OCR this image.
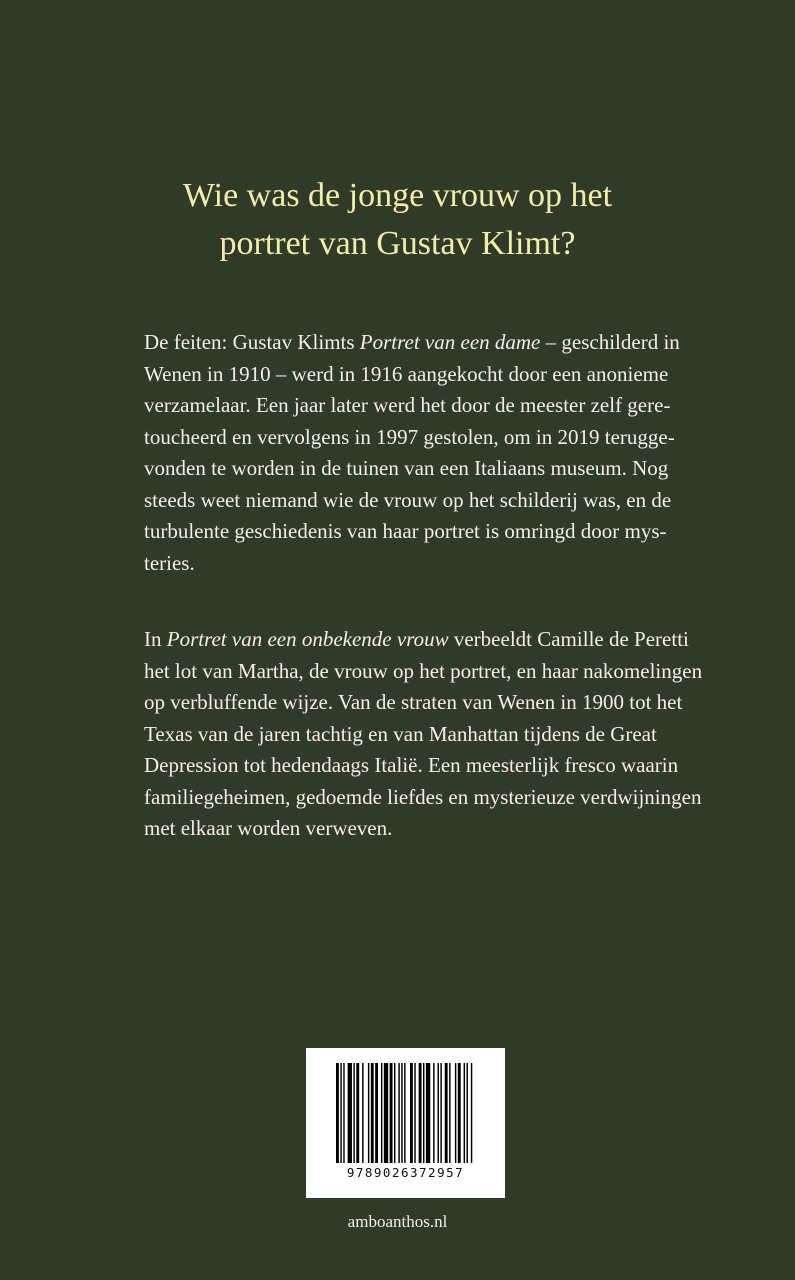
Wie was de jonge vrouw op het
portret van Gustav Klimt?
De feiten: Gustav Klimts Portret van een dame – geschilderd in
Wenen in 1910 – werd in 1916 aangekocht door een anonieme
verzamelaar. Een jaar later werd het door de meester zelf gere-
toucheerd en vervolgens in 1997 gestolen, om in 2019 terugge-
vonden te worden in de tuinen van een Italiaans museum. Nog
steeds weet niemand wie de vrouw op het schilderij was, en de
turbulente geschiedenis van haar portret is omringd door mys-
teries.
In Portret van een onbekende vrouw verbeeldt Camille de Peretti
het lot van Martha, de vrouw op het portret, en haar nakomelingen
op verbluffende wijze. Van de straten van Wenen in 1900 tot het
Texas van de jaren tachtig en van Manhattan tijdens de Great
Depression tot hedendaags Italië. Een meesterlijk fresco waarin
familiegeheimen, gedoemde liefdes en mysterieuze verdwijningen
met elkaar worden verweven.
9789026372957

amboanthos.nl
